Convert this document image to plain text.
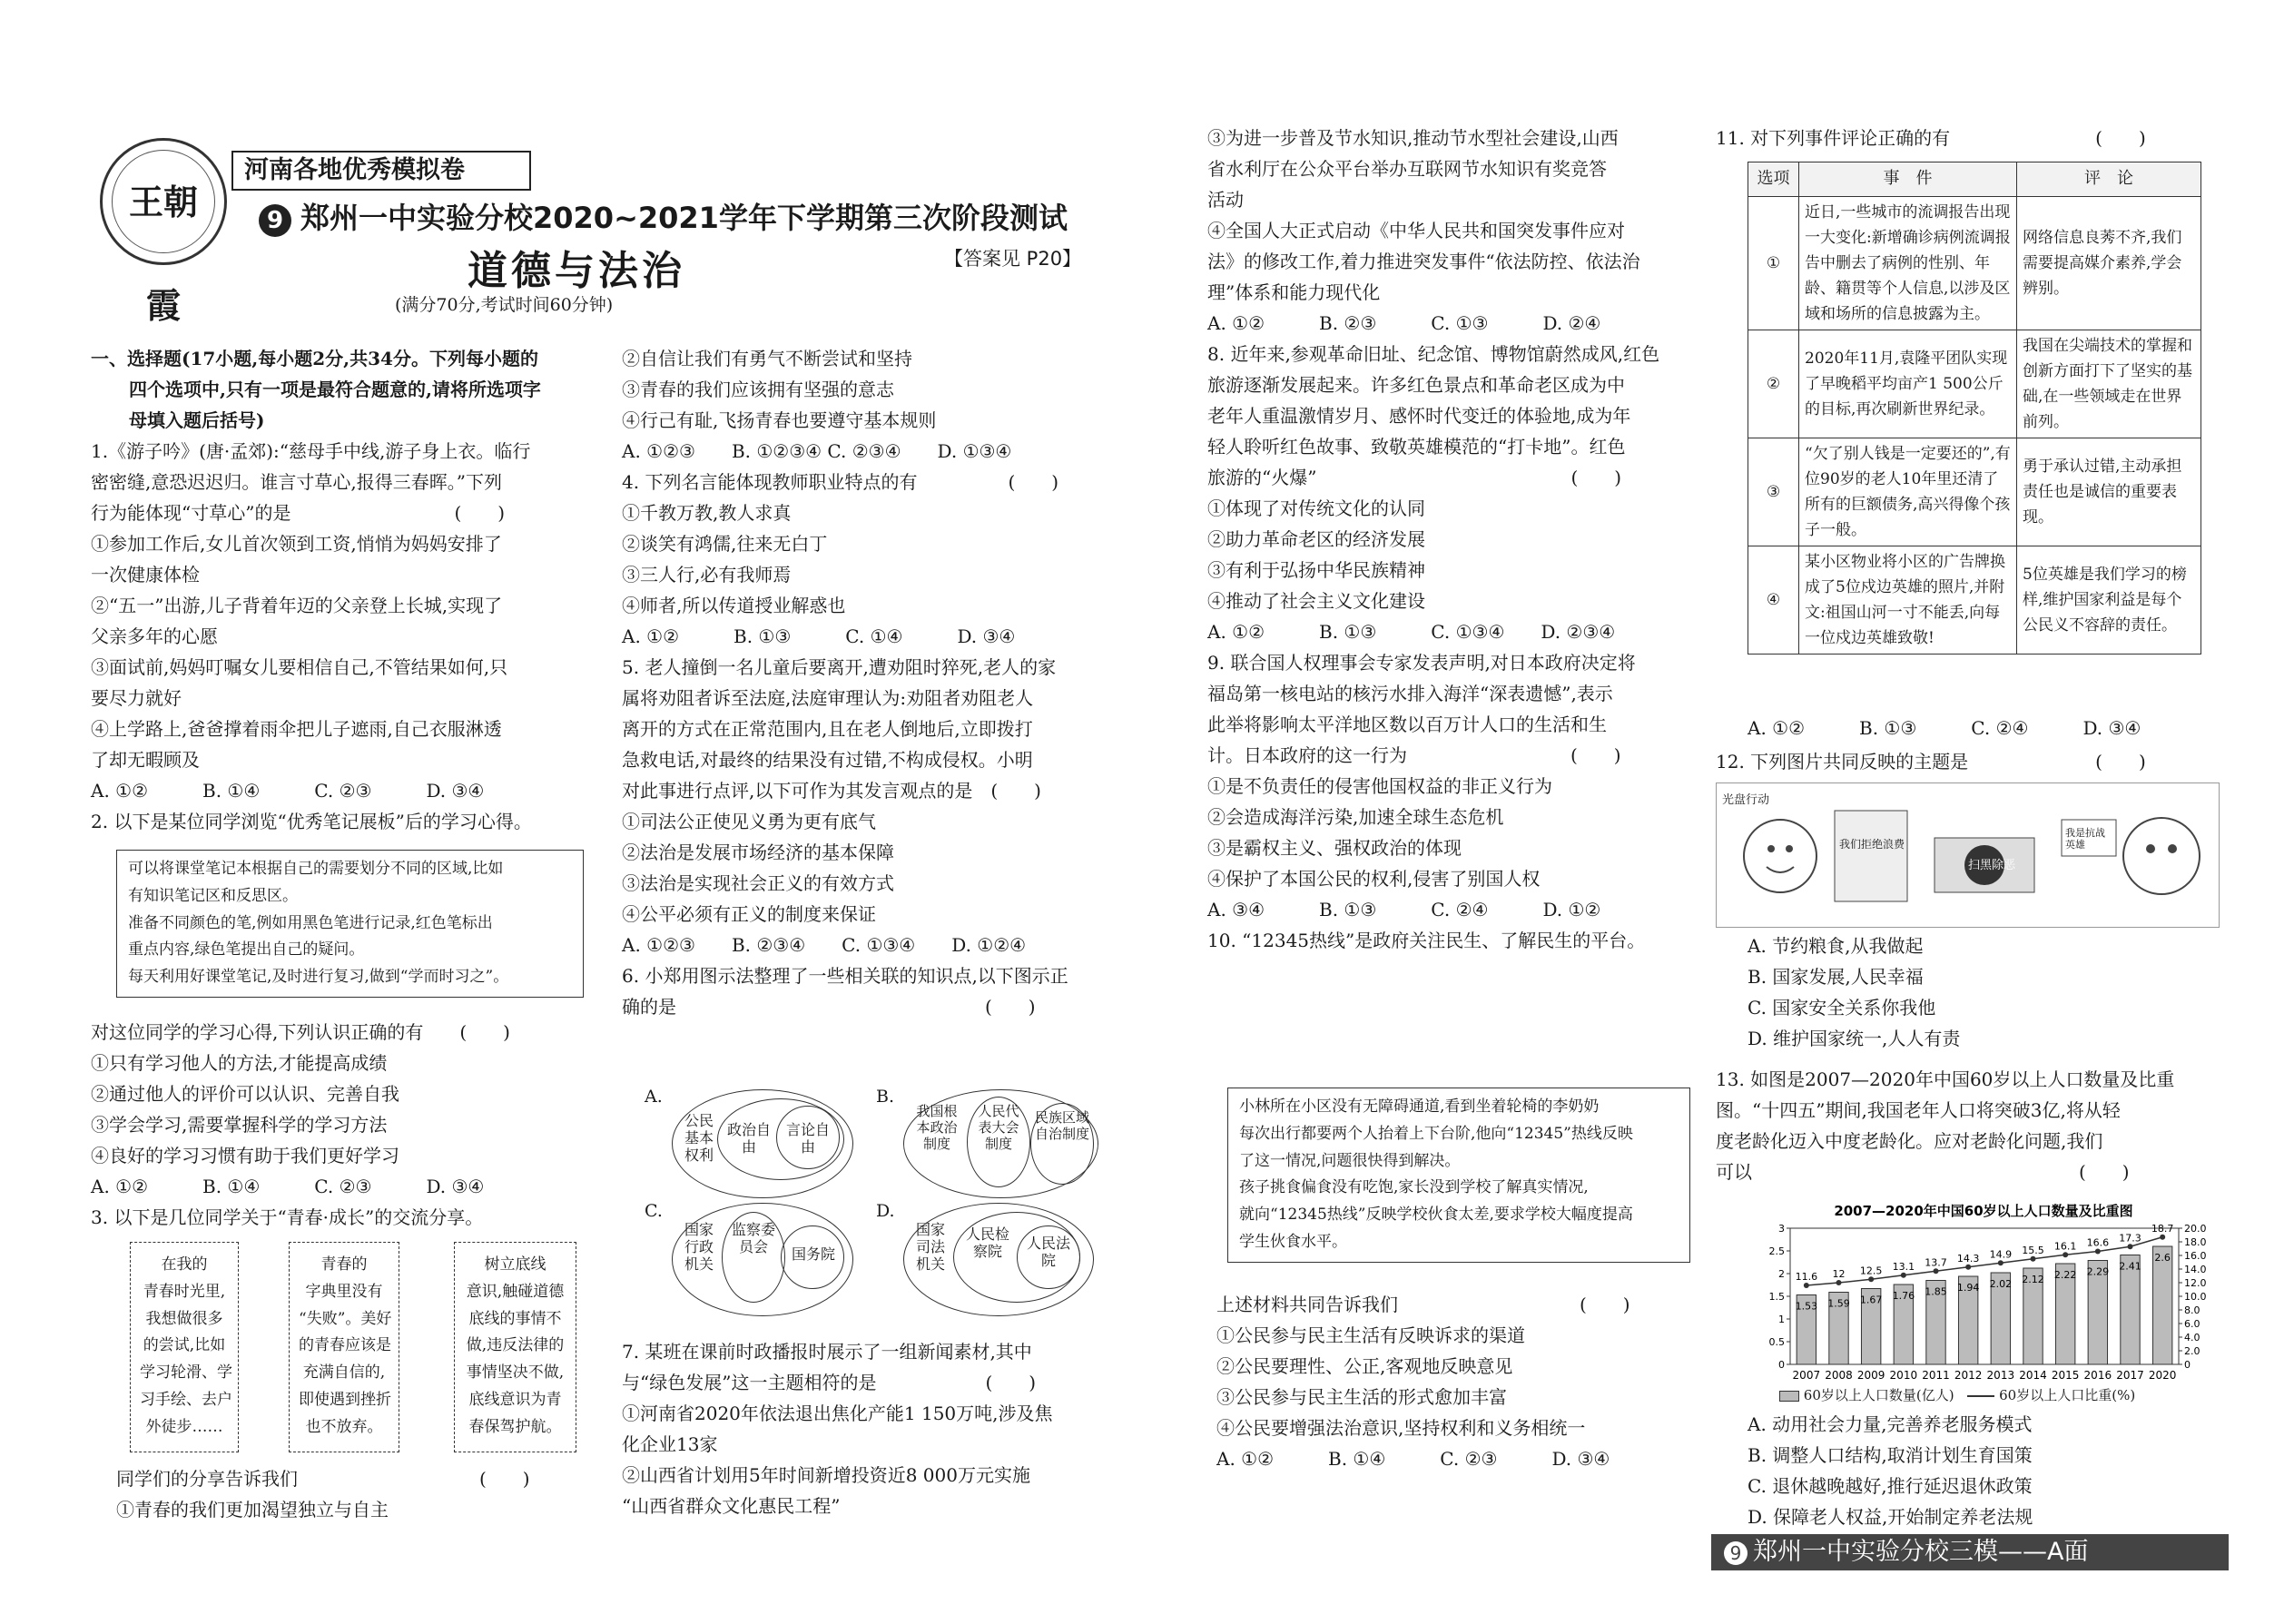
王朝霞
河南各地优秀模拟卷
9 郑州一中实验分校2020~2021学年下学期第三次阶段测试
道德与法治	【答案见 P20】
(满分70分,考试时间60分钟)
一、选择题(17小题,每小题2分,共34分。下列每小题的
四个选项中,只有一项是最符合题意的,请将所选项字
母填入题后括号)
1.《游子吟》(唐·孟郊):“慈母手中线,游子身上衣。临行
密密缝,意恐迟迟归。谁言寸草心,报得三春晖。”下列
行为能体现“寸草心”的是　　　　　　　　　(　　)
①参加工作后,女儿首次领到工资,悄悄为妈妈安排了
一次健康体检
②“五一”出游,儿子背着年迈的父亲登上长城,实现了
父亲多年的心愿
③面试前,妈妈叮嘱女儿要相信自己,不管结果如何,只
要尽力就好
④上学路上,爸爸撑着雨伞把儿子遮雨,自己衣服淋透
了却无暇顾及
A. ①②　　　B. ①④　　　C. ②③　　　D. ③④
2. 以下是某位同学浏览“优秀笔记展板”后的学习心得。
可以将课堂笔记本根据自己的需要划分不同的区域,比如
有知识笔记区和反思区。
准备不同颜色的笔,例如用黑色笔进行记录,红色笔标出
重点内容,绿色笔提出自己的疑问。
每天利用好课堂笔记,及时进行复习,做到“学而时习之”。
对这位同学的学习心得,下列认识正确的有　　(　　)
①只有学习他人的方法,才能提高成绩
②通过他人的评价可以认识、完善自我
③学会学习,需要掌握科学的学习方法
④良好的学习习惯有助于我们更好学习
A. ①②　　　B. ①④　　　C. ②③　　　D. ③④
3. 以下是几位同学关于“青春·成长”的交流分享。
在我的
青春时光里,
我想做很多
的尝试,比如
学习轮滑、学
习手绘、去户
外徒步……
青春的
字典里没有
“失败”。美好
的青春应该是
充满自信的,
即使遇到挫折
也不放弃。
树立底线
意识,触碰道德
底线的事情不
做,违反法律的
事情坚决不做,
底线意识为青
春保驾护航。
同学们的分享告诉我们　　　　　　　　　　(　　)
①青春的我们更加渴望独立与自主
②自信让我们有勇气不断尝试和坚持
③青春的我们应该拥有坚强的意志
④行己有耻,飞扬青春也要遵守基本规则
A. ①②③　　B. ①②③④ C. ②③④　　D. ①③④
4. 下列名言能体现教师职业特点的有　　　　　(　　)
①千教万教,教人求真
②谈笑有鸿儒,往来无白丁
③三人行,必有我师焉
④师者,所以传道授业解惑也
A. ①②　　　B. ①③　　　C. ①④　　　D. ③④
5. 老人撞倒一名儿童后要离开,遭劝阻时猝死,老人的家
属将劝阻者诉至法庭,法庭审理认为:劝阻者劝阻老人
离开的方式在正常范围内,且在老人倒地后,立即拨打
急救电话,对最终的结果没有过错,不构成侵权。小明
对此事进行点评,以下可作为其发言观点的是　(　　)
①司法公正使见义勇为更有底气
②法治是发展市场经济的基本保障
③法治是实现社会正义的有效方式
④公平必须有正义的制度来保证
A. ①②③　　B. ②③④　　C. ①③④　　D. ①②④
6. 小郑用图示法整理了一些相关联的知识点,以下图示正
确的是　　　　　　　　　　　　　　　　　(　　)
A.
公民基本权利
政治自由
言论自由
B.
我国根本政治制度
人民代表大会制度
民族区域自治制度
C.
国家行政机关
监察委员会	国务院
D.
国家司法机关
人民检察院	人民法院
7. 某班在课前时政播报时展示了一组新闻素材,其中
与“绿色发展”这一主题相符的是　　　　　　(　　)
①河南省2020年依法退出焦化产能1 150万吨,涉及焦
化企业13家
②山西省计划用5年时间新增投资近8 000万元实施
“山西省群众文化惠民工程”
③为进一步普及节水知识,推动节水型社会建设,山西
省水利厅在公众平台举办互联网节水知识有奖竞答
活动
④全国人大正式启动《中华人民共和国突发事件应对
法》的修改工作,着力推进突发事件“依法防控、依法治
理”体系和能力现代化
A. ①②　　　B. ②③　　　C. ①③　　　D. ②④
8. 近年来,参观革命旧址、纪念馆、博物馆蔚然成风,红色
旅游逐渐发展起来。许多红色景点和革命老区成为中
老年人重温激情岁月、感怀时代变迁的体验地,成为年
轻人聆听红色故事、致敬英雄模范的“打卡地”。红色
旅游的“火爆”　　　　　　　　　　　　　　(　　)
①体现了对传统文化的认同
②助力革命老区的经济发展
③有利于弘扬中华民族精神
④推动了社会主义文化建设
A. ①②　　　B. ①③　　　C. ①③④　　D. ②③④
9. 联合国人权理事会专家发表声明,对日本政府决定将
福岛第一核电站的核污水排入海洋“深表遗憾”,表示
此举将影响太平洋地区数以百万计人口的生活和生
计。日本政府的这一行为　　　　　　　　　(　　)
①是不负责任的侵害他国权益的非正义行为
②会造成海洋污染,加速全球生态危机
③是霸权主义、强权政治的体现
④保护了本国公民的权利,侵害了别国人权
A. ③④　　　B. ①③　　　C. ②④　　　D. ①②
10. “12345热线”是政府关注民生、了解民生的平台。
小林所在小区没有无障碍通道,看到坐着轮椅的李奶奶
每次出行都要两个人抬着上下台阶,他向“12345”热线反映
了这一情况,问题很快得到解决。
孩子挑食偏食没有吃饱,家长没到学校了解真实情况,
就向“12345热线”反映学校伙食太差,要求学校大幅度提高
学生伙食水平。
上述材料共同告诉我们　　　　　　　　　　(　　)
①公民参与民主生活有反映诉求的渠道
②公民要理性、公正,客观地反映意见
③公民参与民主生活的形式愈加丰富
④公民要增强法治意识,坚持权利和义务相统一
A. ①②　　　B. ①④　　　C. ②③　　　D. ③④
11. 对下列事件评论正确的有　　　　　　　　(　　)
选项	事　件	评　论
①	近日,一些城市的流调报告出现一大变化:新增确诊病例流调报告中删去了病例的性别、年龄、籍贯等个人信息,以涉及区域和场所的信息披露为主。	网络信息良莠不齐,我们需要提高媒介素养,学会辨别。
②	2020年11月,袁隆平团队实现了早晚稻平均亩产1 500公斤的目标,再次刷新世界纪录。	我国在尖端技术的掌握和创新方面打下了坚实的基础,在一些领域走在世界前列。
③	“欠了别人钱是一定要还的”,有位90岁的老人10年里还清了所有的巨额债务,高兴得像个孩子一般。	勇于承认过错,主动承担责任也是诚信的重要表现。
④	某小区物业将小区的广告牌换成了5位戍边英雄的照片,并附文:祖国山河一寸不能丢,向每一位戍边英雄致敬!	5位英雄是我们学习的榜样,维护国家利益是每个公民义不容辞的责任。
A. ①②　　　B. ①③　　　C. ②④　　　D. ③④
12. 下列图片共同反映的主题是　　　　　　　(　　)
光盘行动
我们拒绝浪费
扫黑除恶
我是抗战英雄
A. 节约粮食,从我做起
B. 国家发展,人民幸福
C. 国家安全关系你我他
D. 维护国家统一,人人有责
13. 如图是2007—2020年中国60岁以上人口数量及比重
图。“十四五”期间,我国老年人口将突破3亿,将从轻
度老龄化迈入中度老龄化。应对老龄化问题,我们
可以　　　　　　　　　　　　　　　　　　(　　)
2007—2020年中国60岁以上人口数量及比重图
0
0.5
1
1.5
2
2.5
3
0
2.0
4.0
6.0
8.0
10.0
12.0
14.0
16.0
18.0
20.0
1.53
2007
1.59
2008
1.67
2009
1.76
2010
1.85
2011
1.94
2012
2.02
2013
2.12
2014
2.22
2015
2.29
2016
2.41
2017
2.6
2020
11.6 12 12.5 13.1 13.7 14.3 14.9 15.5 16.1 16.6 17.3
18.7
60岁以上人口数量(亿人)	60岁以上人口比重(%)
A. 动用社会力量,完善养老服务模式
B. 调整人口结构,取消计划生育国策
C. 退休越晚越好,推行延迟退休政策
D. 保障老人权益,开始制定养老法规
9 郑州一中实验分校三模——A面
